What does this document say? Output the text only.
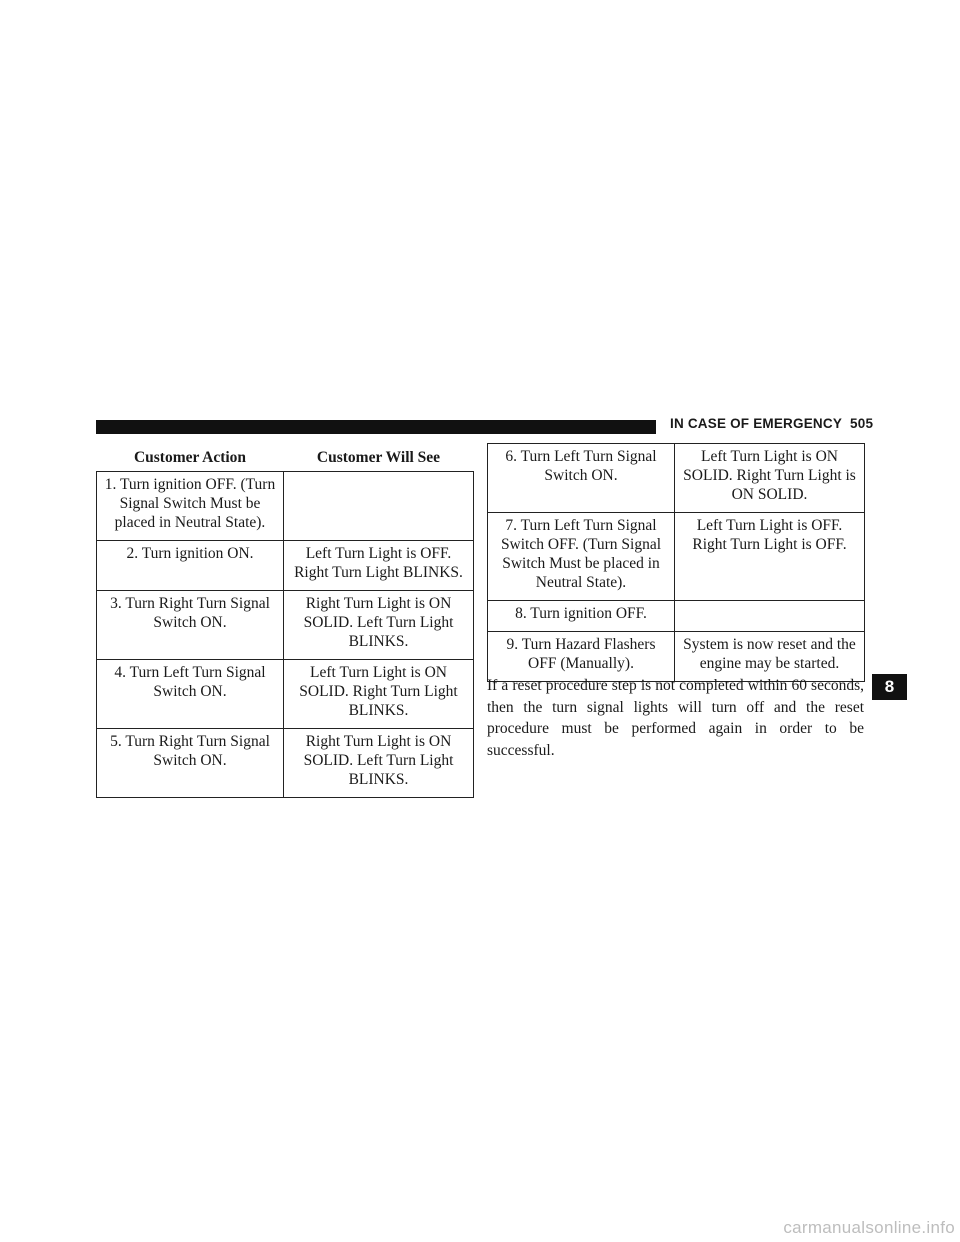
IN CASE OF EMERGENCY 505
Customer Action	Customer Will See
1. Turn ignition OFF. (Turn Signal Switch Must be placed in Neutral State).	
2. Turn ignition ON.	Left Turn Light is OFF. Right Turn Light BLINKS.
3. Turn Right Turn Signal Switch ON.	Right Turn Light is ON SOLID. Left Turn Light BLINKS.
4. Turn Left Turn Signal Switch ON.	Left Turn Light is ON SOLID. Right Turn Light BLINKS.
5. Turn Right Turn Signal Switch ON.	Right Turn Light is ON SOLID. Left Turn Light BLINKS.
6. Turn Left Turn Signal Switch ON.	Left Turn Light is ON SOLID. Right Turn Light is ON SOLID.
7. Turn Left Turn Signal Switch OFF. (Turn Signal Switch Must be placed in Neutral State).	Left Turn Light is OFF. Right Turn Light is OFF.
8. Turn ignition OFF.	
9. Turn Hazard Flashers OFF (Manually).	System is now reset and the engine may be started.
If a reset procedure step is not completed within 60 seconds, then the turn signal lights will turn off and the reset procedure must be performed again in order to be successful.
8
carmanualsonline.info
